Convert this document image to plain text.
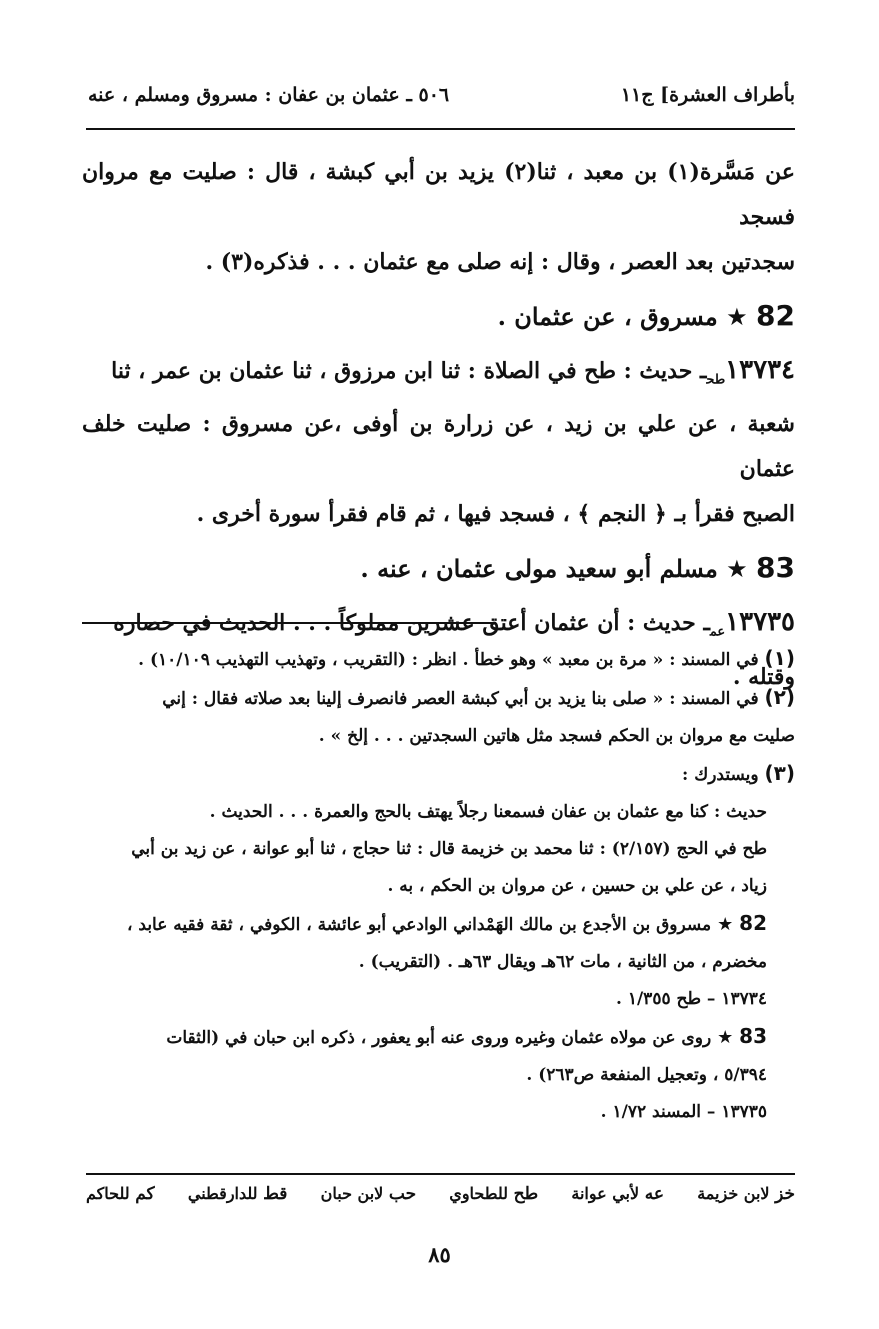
بأطراف العشرة] ج١١
٥٠٦ ـ عثمان بن عفان : مسروق ومسلم ، عنه

عن مَسَّرة(١) بن معبد ، ثنا(٢) يزيد بن أبي كبشة ، قال : صليت مع مروان فسجد
سجدتين بعد العصر ، وقال : إنه صلى مع عثمان . . . فذكره(٣) .

82 ★ مسروق ، عن عثمان .

$١٣٧٣٤_{طح}ـ$ حديث : طح في الصلاة : ثنا ابن مرزوق ، ثنا عثمان بن عمر ، ثنا
شعبة ، عن علي بن زيد ، عن زرارة بن أوفى ،عن مسروق : صليت خلف عثمان
الصبح فقرأ بـ ﴿ النجم ﴾ ، فسجد فيها ، ثم قام فقرأ سورة أخرى .

83 ★ مسلم أبو سعيد مولى عثمان ، عنه .

$١٣٧٣٥_{عم}ـ$ حديث : أن عثمان أعتق عشرين مملوكاً . . . الحديث في حصاره
وقتله .

(١) في المسند : « مرة بن معبد » وهو خطأ . انظر : (التقريب ، وتهذيب التهذيب ١٠/١٠٩) .

(٢) في المسند : « صلى بنا يزيد بن أبي كبشة العصر فانصرف إلينا بعد صلاته فقال : إني
صليت مع مروان بن الحكم فسجد مثل هاتين السجدتين . . . إلخ » .

(٣) ويستدرك :

حديث : كنا مع عثمان بن عفان فسمعنا رجلاً يهتف بالحج والعمرة . . . الحديث .

طح في الحج (٢/١٥٧) : ثنا محمد بن خزيمة قال : ثنا حجاج ، ثنا أبو عوانة ، عن زيد بن أبي
زياد ، عن علي بن حسين ، عن مروان بن الحكم ، به .

82 ★ مسروق بن الأجدع بن مالك الهَمْداني الوادعي أبو عائشة ، الكوفي ، ثقة فقيه عابد ،
مخضرم ، من الثانية ، مات ٦٢هـ ويقال ٦٣هـ . (التقريب) .

١٣٧٣٤ – طح ١/٣٥٥ .

83 ★ روى عن مولاه عثمان وغيره وروى عنه أبو يعفور ، ذكره ابن حبان في (الثقات
٥/٣٩٤ ، وتعجيل المنفعة ص٢٦٣) .

١٣٧٣٥ – المسند ١/٧٢ .

خز لابن خزيمة
عه لأبي عوانة
طح للطحاوي
حب لابن حبان
قط للدارقطني
كم للحاكم
٨٥
